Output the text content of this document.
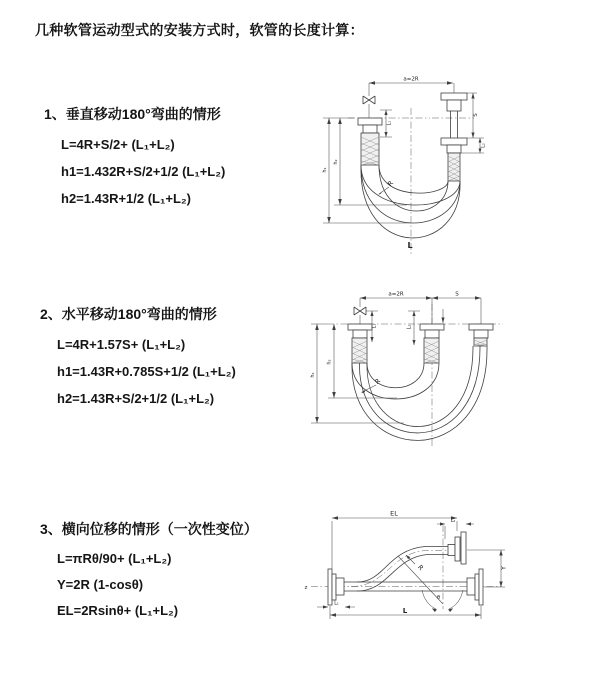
几种软管运动型式的安装方式时，软管的长度计算：
1、垂直移动180°弯曲的情形
L=4R+S/2+ (L₁+L₂)
h1=1.432R+S/2+1/2 (L₁+L₂)
h2=1.43R+1/2 (L₁+L₂)
2、水平移动180°弯曲的情形
L=4R+1.57S+ (L₁+L₂)
h1=1.43R+0.785S+1/2 (L₁+L₂)
h2=1.43R+S/2+1/2 (L₁+L₂)
3、横向位移的情形（一次性变位）
L=πRθ/90+ (L₁+L₂)
Y=2R (1-cosθ)
EL=2Rsinθ+ (L₁+L₂)
a=2R
h₁
h₂
L₁
S
L₂
R
L
a=2R	S
h₁
h₂
L₁	L₂
R
θ
R
EL
L₂
Y
L
L₁
z
